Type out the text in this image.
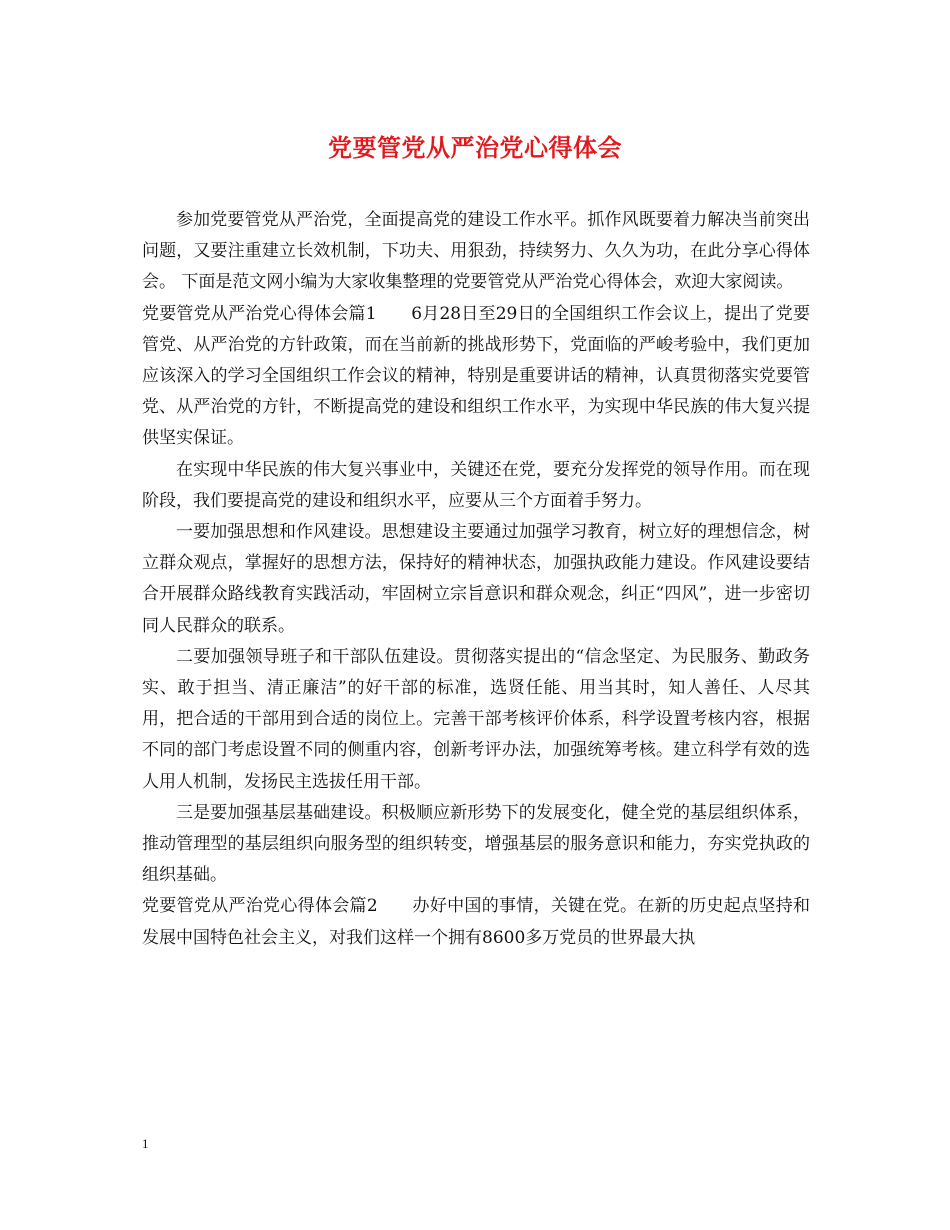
党要管党从严治党心得体会

参加党要管党从严治党，全面提高党的建设工作水平。抓作风既要着力解决当前突出问题，又要注重建立长效机制，下功夫、用狠劲，持续努力、久久为功，在此分享心得体会。 下面是范文网小编为大家收集整理的党要管党从严治党心得体会，欢迎大家阅读。

党要管党从严治党心得体会篇1　　6月28日至29日的全国组织工作会议上，提出了党要管党、从严治党的方针政策，而在当前新的挑战形势下，党面临的严峻考验中，我们更加应该深入的学习全国组织工作会议的精神，特别是重要讲话的精神，认真贯彻落实党要管党、从严治党的方针，不断提高党的建设和组织工作水平，为实现中华民族的伟大复兴提供坚实保证。

在实现中华民族的伟大复兴事业中，关键还在党，要充分发挥党的领导作用。而在现阶段，我们要提高党的建设和组织水平，应要从三个方面着手努力。

一要加强思想和作风建设。思想建设主要通过加强学习教育，树立好的理想信念，树立群众观点，掌握好的思想方法，保持好的精神状态，加强执政能力建设。作风建设要结合开展群众路线教育实践活动，牢固树立宗旨意识和群众观念，纠正“四风”，进一步密切同人民群众的联系。

二要加强领导班子和干部队伍建设。贯彻落实提出的“信念坚定、为民服务、勤政务实、敢于担当、清正廉洁”的好干部的标准，选贤任能、用当其时，知人善任、人尽其用，把合适的干部用到合适的岗位上。完善干部考核评价体系，科学设置考核内容，根据不同的部门考虑设置不同的侧重内容，创新考评办法，加强统筹考核。建立科学有效的选人用人机制，发扬民主选拔任用干部。

三是要加强基层基础建设。积极顺应新形势下的发展变化，健全党的基层组织体系，推动管理型的基层组织向服务型的组织转变，增强基层的服务意识和能力，夯实党执政的组织基础。

党要管党从严治党心得体会篇2　　办好中国的事情，关键在党。在新的历史起点坚持和发展中国特色社会主义，对我们这样一个拥有8600多万党员的世界最大执

1
